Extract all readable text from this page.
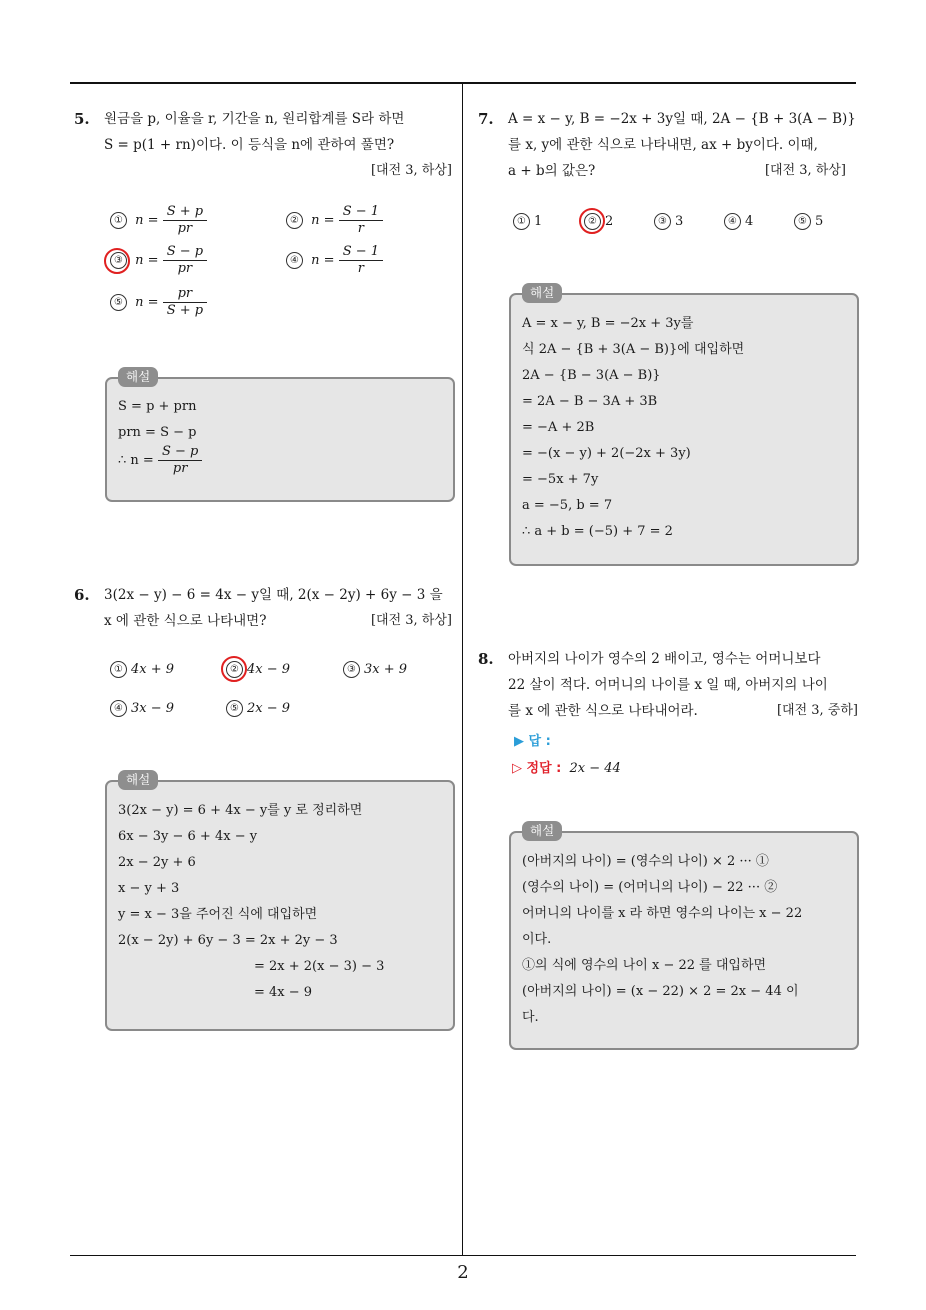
2
5. 원금을 p, 이율을 r, 기간을 n, 원리합계를 S라 하면
S = p(1 + rn)이다. 이 등식을 n에 관하여 풀면?
[대전 3, 하상]
① $n = \frac{S + p}{pr}$	② $n = \frac{S - 1}{r}$
③ $n = \frac{S - p}{pr}$	④ $n = \frac{S - 1}{r}$
⑤ $n = \frac{pr}{S + p}$
해설
S = p + prn
prn = S − p
∴ $n = \frac{S - p}{pr}$
6. 3(2x − y) − 6 = 4x − y일 때, 2(x − 2y) + 6y − 3 을
x 에 관한 식으로 나타내면?	[대전 3, 하상]
① 4x + 9	② 4x − 9	③ 3x + 9
④ 3x − 9	⑤ 2x − 9
해설
3(2x − y) = 6 + 4x − y를 y 로 정리하면
6x − 3y − 6 + 4x − y
2x − 2y + 6
x − y + 3
y = x − 3을 주어진 식에 대입하면
2(x − 2y) + 6y − 3 = 2x + 2y − 3
= 2x + 2(x − 3) − 3
= 4x − 9
7. A = x − y, B = −2x + 3y일 때, 2A − {B + 3(A − B)}
를 x, y에 관한 식으로 나타내면, ax + by이다. 이때,
a + b의 값은?	[대전 3, 하상]
① 1	② 2	③ 3	④ 4	⑤ 5
해설
A = x − y, B = −2x + 3y를
식 2A − {B + 3(A − B)}에 대입하면
2A − {B − 3(A − B)}
= 2A − B − 3A + 3B
= −A + 2B
= −(x − y) + 2(−2x + 3y)
= −5x + 7y
a = −5, b = 7
∴ a + b = (−5) + 7 = 2
8. 아버지의 나이가 영수의 2 배이고, 영수는 어머니보다
22 살이 적다. 어머니의 나이를 x 일 때, 아버지의 나이
를 x 에 관한 식으로 나타내어라.	[대전 3, 중하]
▶ 답 :
▷ 정답 : 2x − 44
해설
(아버지의 나이) = (영수의 나이) × 2 ··· ①
(영수의 나이) = (어머니의 나이) − 22 ··· ②
어머니의 나이를 x 라 하면 영수의 나이는 x − 22
이다.
①의 식에 영수의 나이 x − 22 를 대입하면
(아버지의 나이) = (x − 22) × 2 = 2x − 44 이
다.
